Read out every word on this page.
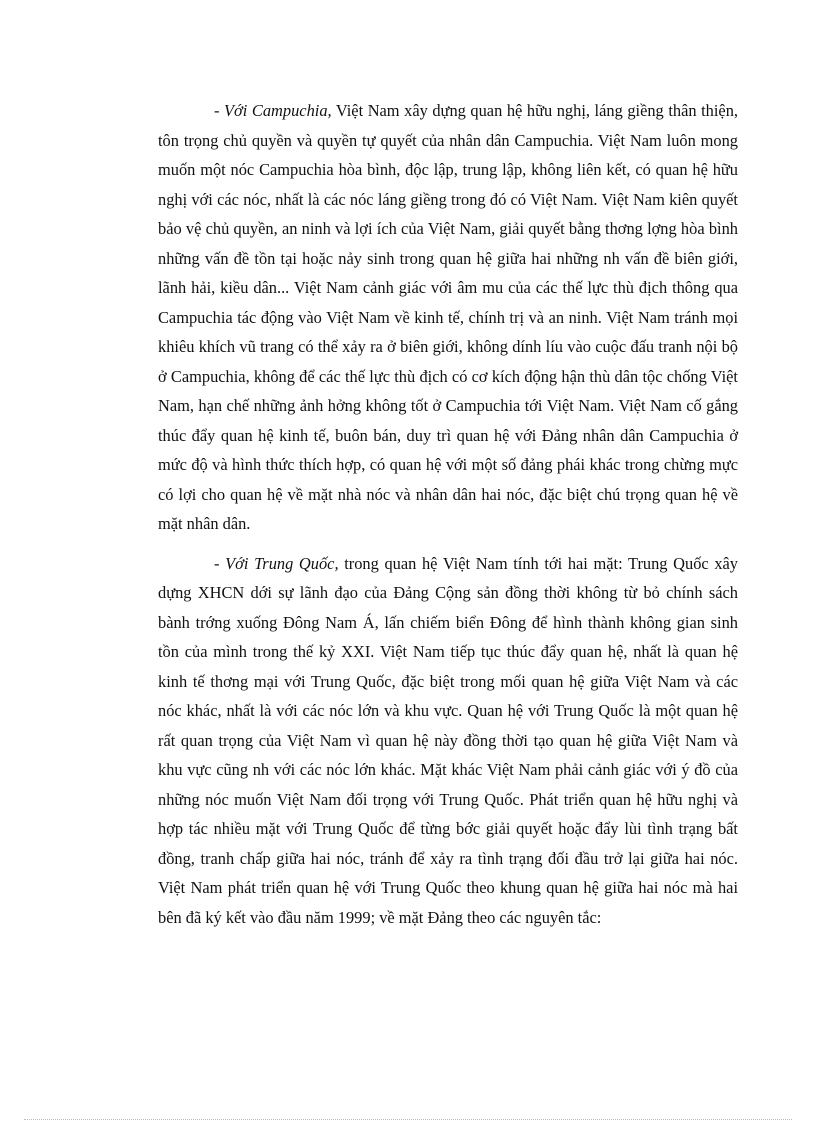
- Với Campuchia, Việt Nam xây dựng quan hệ hữu nghị, láng giềng thân thiện, tôn trọng chủ quyền và quyền tự quyết của nhân dân Campuchia. Việt Nam luôn mong muốn một nóc Campuchia hòa bình, độc lập, trung lập, không liên kết, có quan hệ hữu nghị với các nóc, nhất là các nóc láng giềng trong đó có Việt Nam. Việt Nam kiên quyết bảo vệ chủ quyền, an ninh và lợi ích của Việt Nam, giải quyết bằng thơng lợng hòa bình những vấn đề tồn tại hoặc nảy sinh trong quan hệ giữa hai những nh vấn đề biên giới, lãnh hải, kiều dân... Việt Nam cảnh giác với âm mu của các thế lực thù địch thông qua Campuchia tác động vào Việt Nam về kinh tế, chính trị và an ninh. Việt Nam tránh mọi khiêu khích vũ trang có thể xảy ra ở biên giới, không dính líu vào cuộc đấu tranh nội bộ ở Campuchia, không để các thế lực thù địch có cơ kích động hận thù dân tộc chống Việt Nam, hạn chế những ảnh hởng không tốt ở Campuchia tới Việt Nam. Việt Nam cố gắng thúc đẩy quan hệ kinh tế, buôn bán, duy trì quan hệ với Đảng nhân dân Campuchia ở mức độ và hình thức thích hợp, có quan hệ với một số đảng phái khác trong chừng mực có lợi cho quan hệ về mặt nhà nóc và nhân dân hai nóc, đặc biệt chú trọng quan hệ về mặt nhân dân.

- Với Trung Quốc, trong quan hệ Việt Nam tính tới hai mặt: Trung Quốc xây dựng XHCN dới sự lãnh đạo của Đảng Cộng sản đồng thời không từ bỏ chính sách bành trớng xuống Đông Nam Á, lấn chiếm biển Đông để hình thành không gian sinh tồn của mình trong thế kỷ XXI. Việt Nam tiếp tục thúc đẩy quan hệ, nhất là quan hệ kinh tế thơng mại với Trung Quốc, đặc biệt trong mối quan hệ giữa Việt Nam và các nóc khác, nhất là với các nóc lớn và khu vực. Quan hệ với Trung Quốc là một quan hệ rất quan trọng của Việt Nam vì quan hệ này đồng thời tạo quan hệ giữa Việt Nam và khu vực cũng nh với các nóc lớn khác. Mặt khác Việt Nam phải cảnh giác với ý đồ của những nóc muốn Việt Nam đối trọng với Trung Quốc. Phát triển quan hệ hữu nghị và hợp tác nhiều mặt với Trung Quốc để từng bớc giải quyết hoặc đẩy lùi tình trạng bất đồng, tranh chấp giữa hai nóc, tránh để xảy ra tình trạng đối đầu trở lại giữa hai nóc. Việt Nam phát triển quan hệ với Trung Quốc theo khung quan hệ giữa hai nóc mà hai bên đã ký kết vào đầu năm 1999; về mặt Đảng theo các nguyên tắc:
